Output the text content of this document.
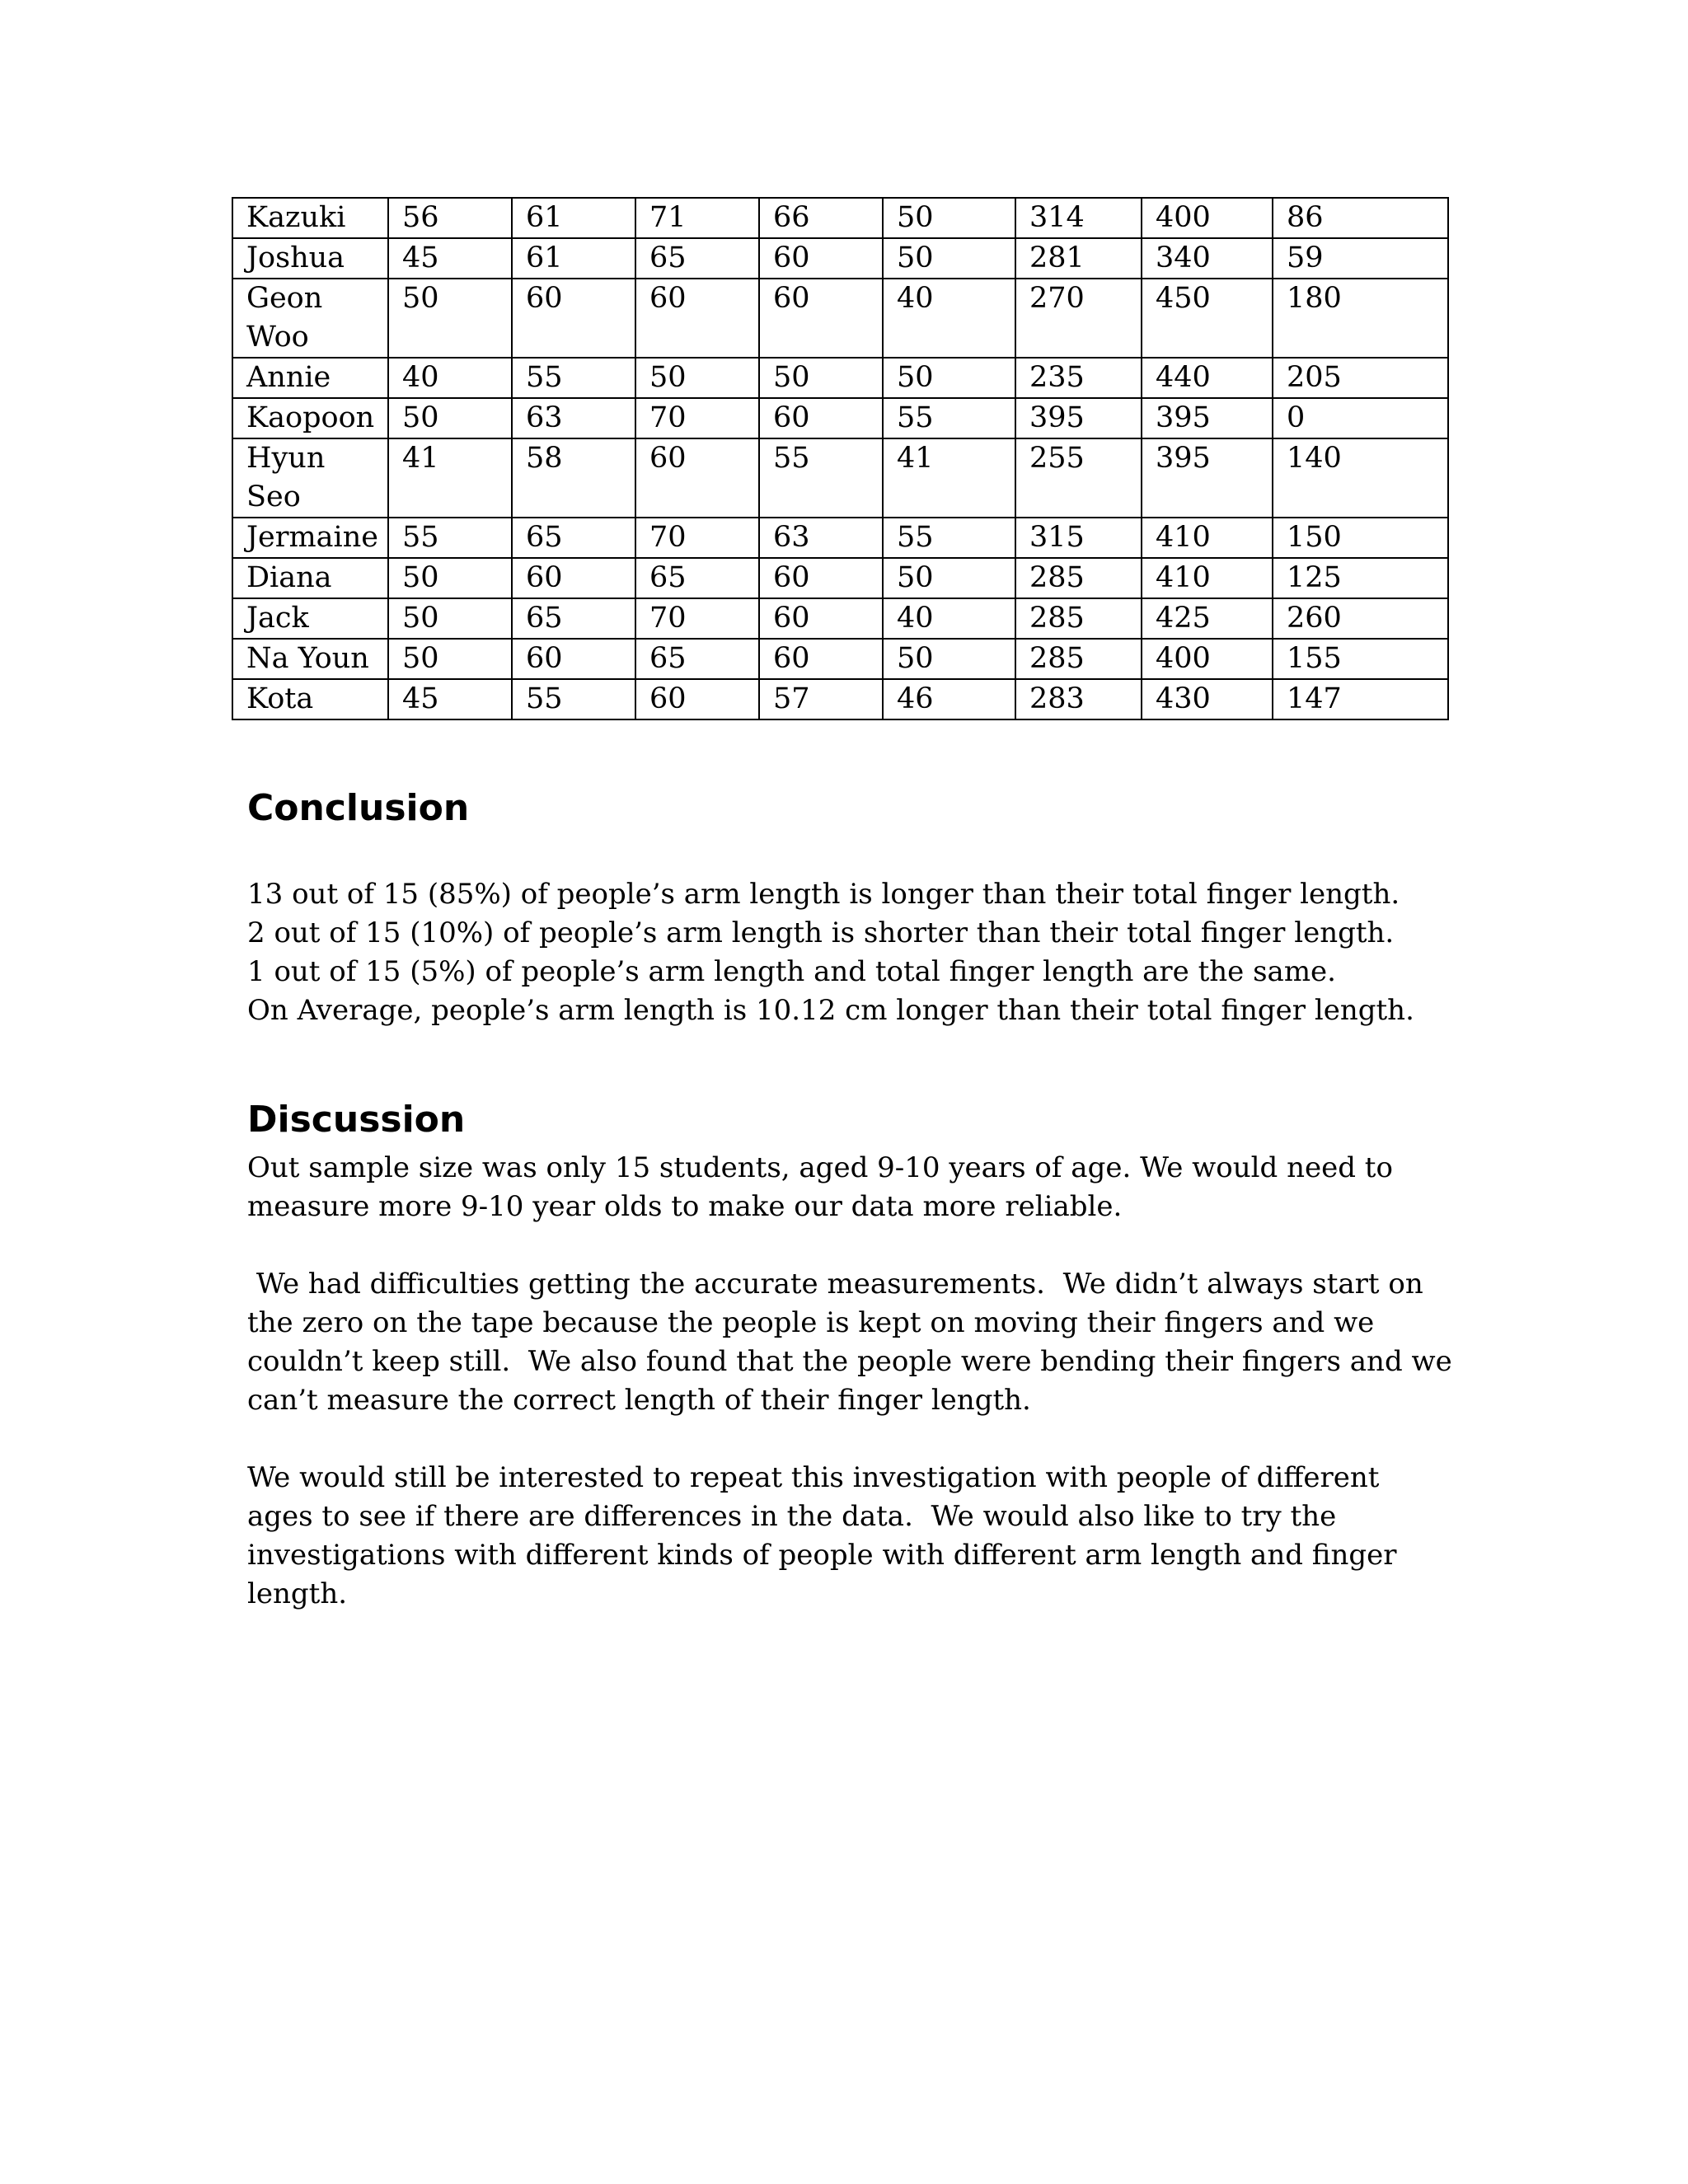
Kazuki	56	61	71	66	50	314	400	86
Joshua	45	61	65	60	50	281	340	59
Geon Woo	50	60	60	60	40	270	450	180
Annie	40	55	50	50	50	235	440	205
Kaopoon	50	63	70	60	55	395	395	0
Hyun Seo	41	58	60	55	41	255	395	140
Jermaine	55	65	70	63	55	315	410	150
Diana	50	60	65	60	50	285	410	125
Jack	50	65	70	60	40	285	425	260
Na Youn	50	60	65	60	50	285	400	155
Kota	45	55	60	57	46	283	430	147
Conclusion
13 out of 15 (85%) of people’s arm length is longer than their total finger length.
2 out of 15 (10%) of people’s arm length is shorter than their total finger length.
1 out of 15 (5%) of people’s arm length and total finger length are the same.
On Average, people’s arm length is 10.12 cm longer than their total finger length.
Discussion

Out sample size was only 15 students, aged 9-10 years of age. We would need to measure more 9-10 year olds to make our data more reliable.

We had difficulties getting the accurate measurements.  We didn’t always start on the zero on the tape because the people is kept on moving their fingers and we couldn’t keep still.  We also found that the people were bending their fingers and we can’t measure the correct length of their finger length.

We would still be interested to repeat this investigation with people of different ages to see if there are differences in the data.  We would also like to try the investigations with different kinds of people with different arm length and finger length.
